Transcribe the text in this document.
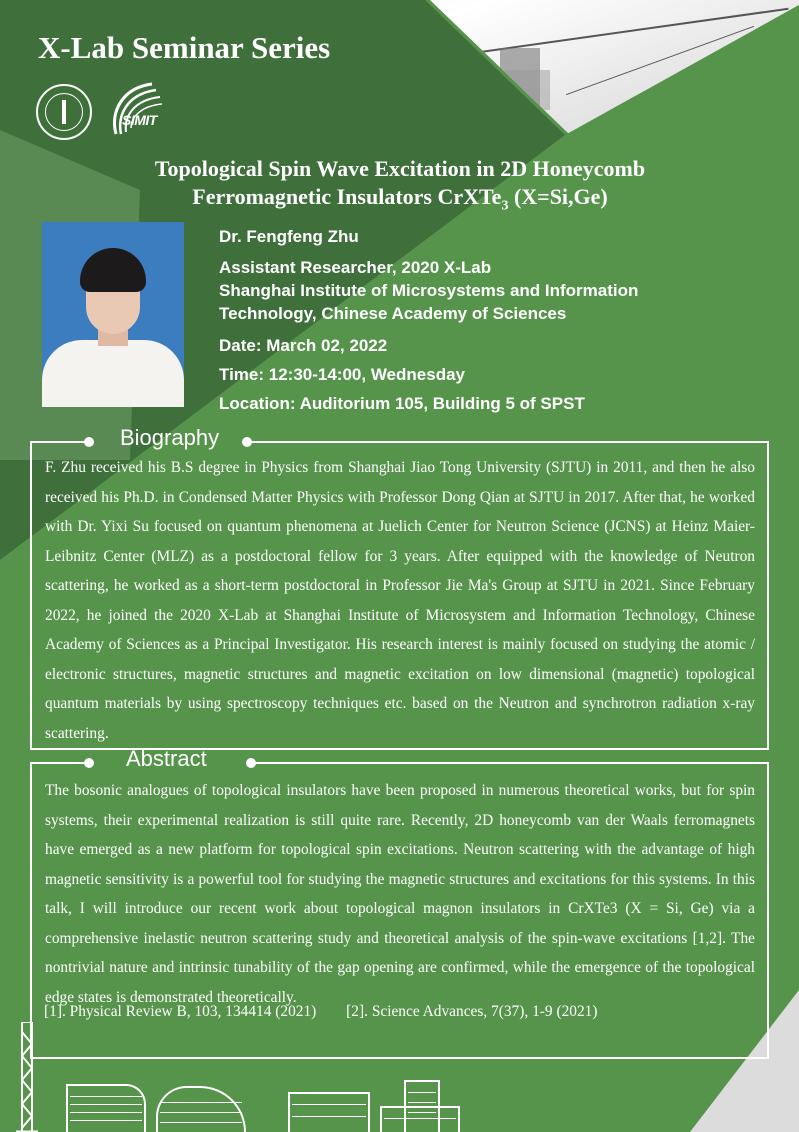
X-Lab Seminar Series
SIMIT
Topological Spin Wave Excitation in 2D Honeycomb
Ferromagnetic Insulators CrXTe$_3$ (X=Si,Ge)
Dr. Fengfeng Zhu
Assistant Researcher, 2020 X-Lab
Shanghai Institute of Microsystems and Information
Technology, Chinese Academy of Sciences
Date: March 02, 2022
Time: 12:30-14:00, Wednesday
Location: Auditorium 105, Building 5 of SPST
Biography
F. Zhu received his B.S degree in Physics from Shanghai Jiao Tong University (SJTU) in 2011, and then he also received his Ph.D. in Condensed Matter Physics with Professor Dong Qian at SJTU in 2017. After that, he worked with Dr. Yixi Su focused on quantum phenomena at Juelich Center for Neutron Science (JCNS) at Heinz Maier-Leibnitz Center (MLZ) as a postdoctoral fellow for 3 years. After equipped with the knowledge of Neutron scattering, he worked as a short-term postdoctoral in Professor Jie Ma's Group at SJTU in 2021. Since February 2022, he joined the 2020 X-Lab at Shanghai Institute of Microsystem and Information Technology, Chinese Academy of Sciences as a Principal Investigator. His research interest is mainly focused on studying the atomic / electronic structures, magnetic structures and magnetic excitation on low dimensional (magnetic) topological quantum materials by using spectroscopy techniques etc. based on the Neutron and synchrotron radiation x-ray scattering.
Abstract
The bosonic analogues of topological insulators have been proposed in numerous theoretical works, but for spin systems, their experimental realization is still quite rare. Recently, 2D honeycomb van der Waals ferromagnets have emerged as a new platform for topological spin excitations. Neutron scattering with the advantage of high magnetic sensitivity is a powerful tool for studying the magnetic structures and excitations for this systems. In this talk, I will introduce our recent work about topological magnon insulators in CrXTe3 (X = Si, Ge) via a comprehensive inelastic neutron scattering study and theoretical analysis of the spin-wave excitations [1,2]. The nontrivial nature and intrinsic tunability of the gap opening are confirmed, while the emergence of the topological edge states is demonstrated theoretically.
[1]. Physical Review B, 103, 134414 (2021) [2]. Science Advances, 7(37), 1-9 (2021)
